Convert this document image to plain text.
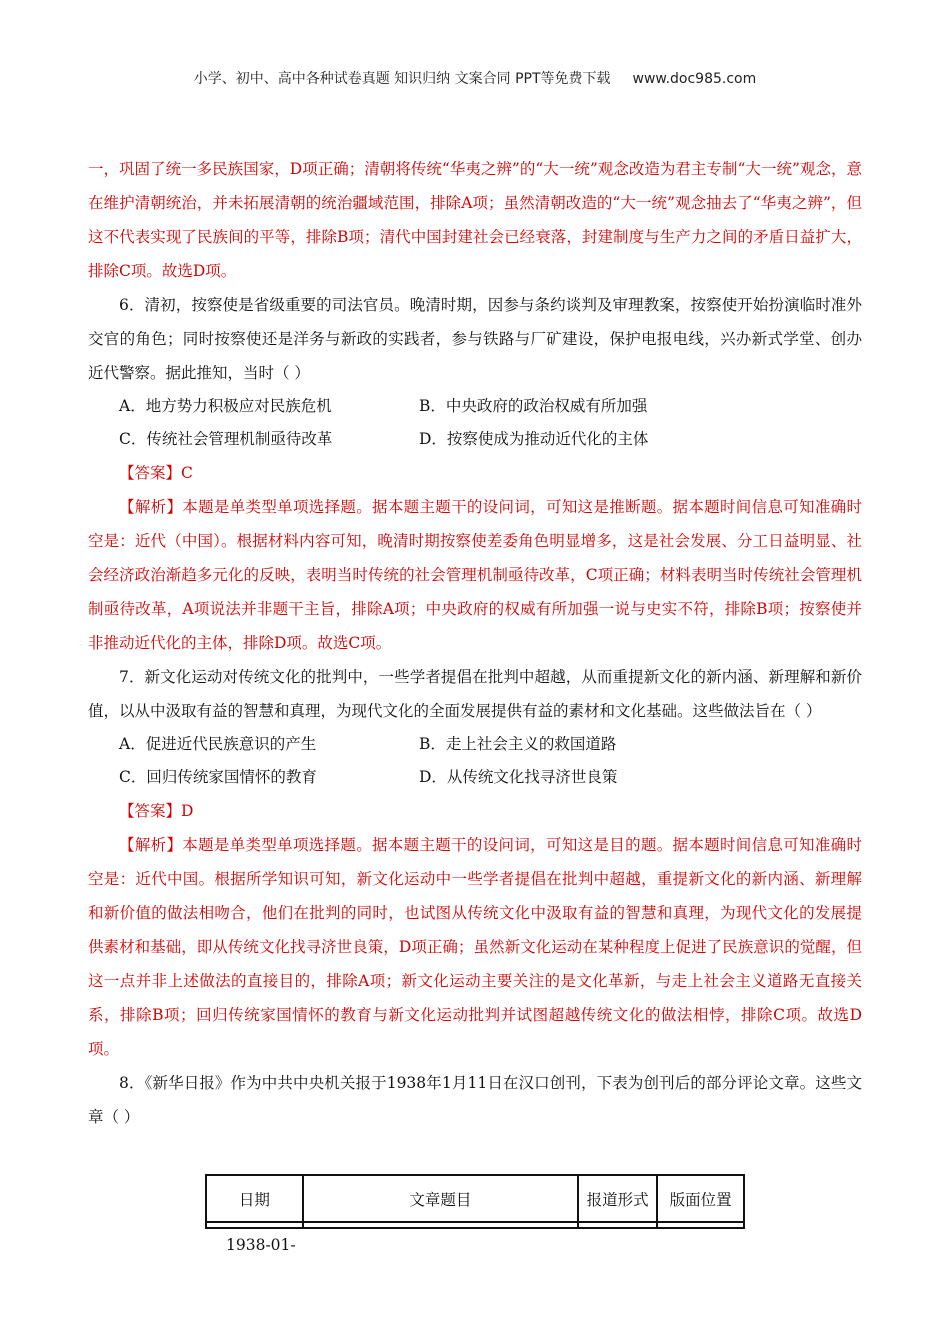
小学、初中、高中各种试卷真题 知识归纳 文案合同 PPT等免费下载 www.doc985.com

一，巩固了统一多民族国家，D项正确；清朝将传统“华夷之辨”的“大一统”观念改造为君主专制“大一统”观念，意在维护清朝统治，并未拓展清朝的统治疆域范围，排除A项；虽然清朝改造的“大一统”观念抽去了“华夷之辨”，但这不代表实现了民族间的平等，排除B项；清代中国封建社会已经衰落，封建制度与生产力之间的矛盾日益扩大，排除C项。故选D项。

6．清初，按察使是省级重要的司法官员。晚清时期，因参与条约谈判及审理教案，按察使开始扮演临时准外交官的角色；同时按察使还是洋务与新政的实践者，参与铁路与厂矿建设，保护电报电线，兴办新式学堂、创办近代警察。据此推知，当时（ ）

A．地方势力积极应对民族危机	B．中央政府的政治权威有所加强
C．传统社会管理机制亟待改革	D．按察使成为推动近代化的主体

【答案】C

【解析】本题是单类型单项选择题。据本题主题干的设问词，可知这是推断题。据本题时间信息可知准确时空是：近代（中国）。根据材料内容可知，晚清时期按察使差委角色明显增多，这是社会发展、分工日益明显、社会经济政治渐趋多元化的反映，表明当时传统的社会管理机制亟待改革，C项正确；材料表明当时传统社会管理机制亟待改革，A项说法并非题干主旨，排除A项；中央政府的权威有所加强一说与史实不符，排除B项；按察使并非推动近代化的主体，排除D项。故选C项。

7．新文化运动对传统文化的批判中，一些学者提倡在批判中超越，从而重提新文化的新内涵、新理解和新价值，以从中汲取有益的智慧和真理，为现代文化的全面发展提供有益的素材和文化基础。这些做法旨在（ ）

A．促进近代民族意识的产生	B．走上社会主义的救国道路
C．回归传统家国情怀的教育	D．从传统文化找寻济世良策

【答案】D

【解析】本题是单类型单项选择题。据本题主题干的设问词，可知这是目的题。据本题时间信息可知准确时空是：近代中国。根据所学知识可知，新文化运动中一些学者提倡在批判中超越，重提新文化的新内涵、新理解和新价值的做法相吻合，他们在批判的同时，也试图从传统文化中汲取有益的智慧和真理，为现代文化的发展提供素材和基础，即从传统文化找寻济世良策，D项正确；虽然新文化运动在某种程度上促进了民族意识的觉醒，但这一点并非上述做法的直接目的，排除A项；新文化运动主要关注的是文化革新，与走上社会主义道路无直接关系，排除B项；回归传统家国情怀的教育与新文化运动批判并试图超越传统文化的做法相悖，排除C项。故选D项。

8．《新华日报》作为中共中央机关报于1938年1月11日在汉口创刊，下表为创刊后的部分评论文章。这些文章（ ）

日期	文章题目	报道形式	版面位置

1938-01-
